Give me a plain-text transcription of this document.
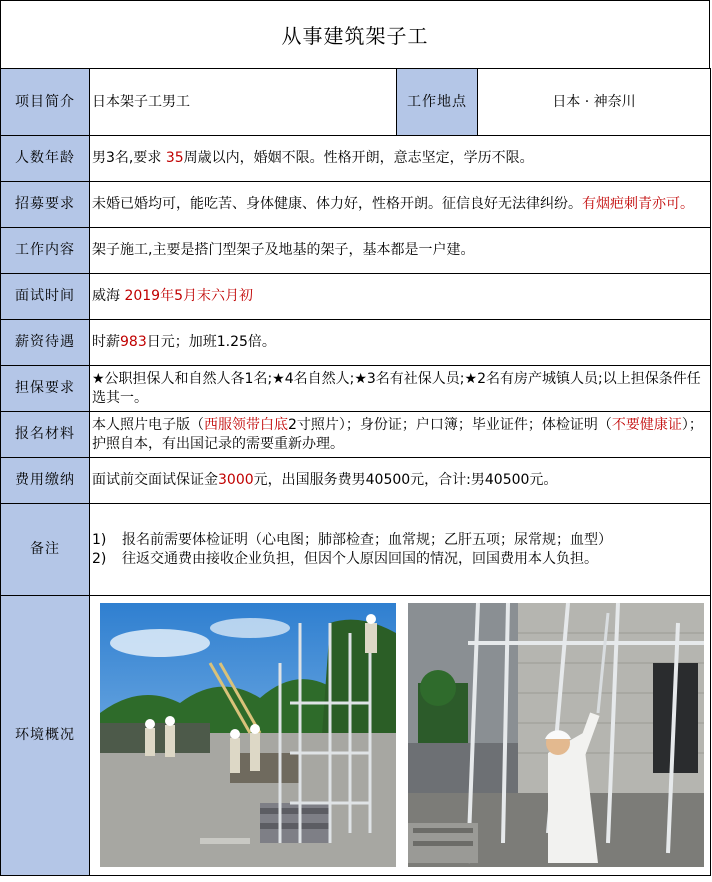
从事建筑架子工
项目简介	日本架子工男工	工作地点	日本 · 神奈川
人数年龄	男3名,要求 35周歳以内，婚姻不限。性格开朗，意志坚定，学历不限。		
招募要求	未婚已婚均可，能吃苦、身体健康、体力好，性格开朗。征信良好无法律纠纷。有烟疤刺青亦可。		
工作内容	架子施工,主要是搭门型架子及地基的架子，基本都是一户建。		
面试时间	威海 2019年5月末六月初		
薪资待遇	时薪983日元；加班1.25倍。		
担保要求	★公职担保人和自然人各1名;★4名自然人;★3名有社保人员;★2名有房产城镇人员;以上担保条件任选其一。		
报名材料	本人照片电子版（西服领带白底2寸照片）；身份证；户口簿；毕业证件；体检证明（不要健康证）；护照自本，有出国记录的需要重新办理。		
费用缴纳	面试前交面试保证金3000元，出国服务费男40500元，合计:男40500元。		
备注	1) 报名前需要体检证明（心电图；肺部检查；血常规；乙肝五项；尿常规；血型）
2) 往返交通费由接收企业负担，但因个人原因回国的情况，回国费用本人负担。		

环境概况	
